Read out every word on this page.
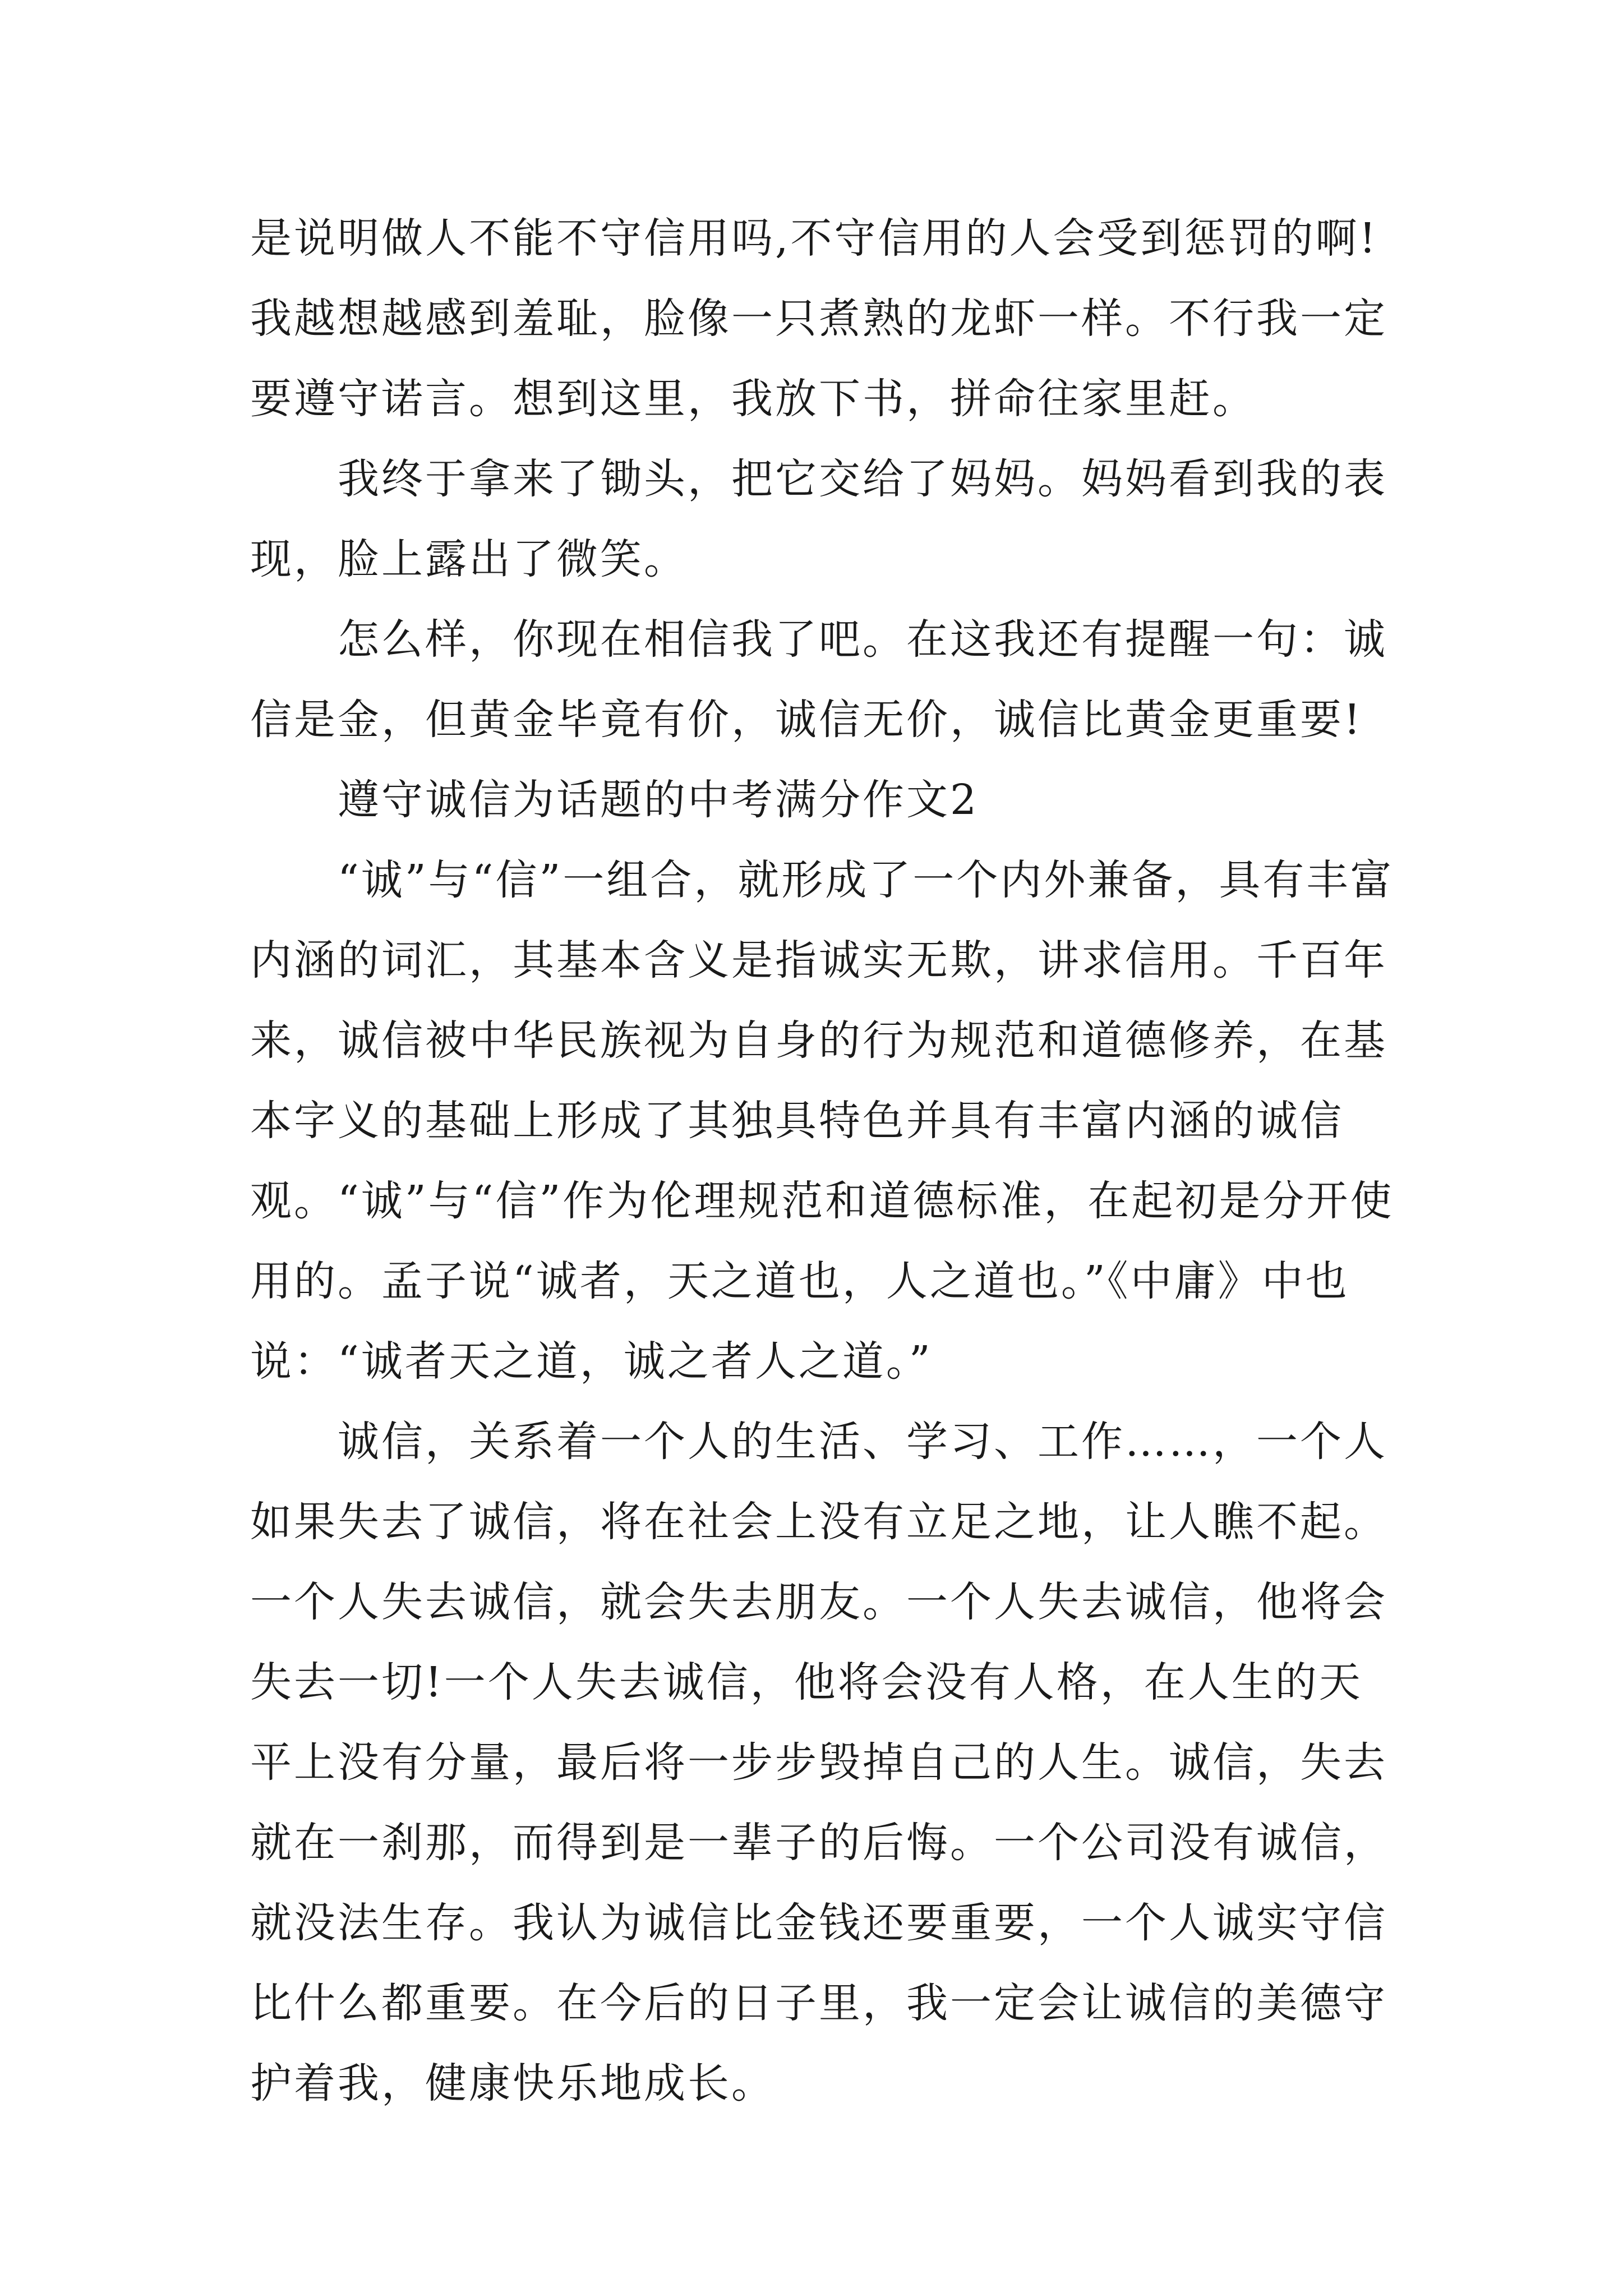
是说明做人不能不守信用吗,不守信用的人会受到惩罚的啊!我越想越感到羞耻，脸像一只煮熟的龙虾一样。不行我一定要遵守诺言。想到这里，我放下书，拼命往家里赶。

我终于拿来了锄头，把它交给了妈妈。妈妈看到我的表现，脸上露出了微笑。

怎么样，你现在相信我了吧。在这我还有提醒一句：诚信是金，但黄金毕竟有价，诚信无价，诚信比黄金更重要!

遵守诚信为话题的中考满分作文2

“诚”与“信”一组合，就形成了一个内外兼备，具有丰富内涵的词汇，其基本含义是指诚实无欺，讲求信用。千百年来，诚信被中华民族视为自身的行为规范和道德修养，在基本字义的基础上形成了其独具特色并具有丰富内涵的诚信观。“诚”与“信”作为伦理规范和道德标准，在起初是分开使用的。孟子说“诚者，天之道也，人之道也。”《中庸》中也说：“诚者天之道，诚之者人之道。”

诚信，关系着一个人的生活、学习、工作……，一个人如果失去了诚信，将在社会上没有立足之地，让人瞧不起。一个人失去诚信，就会失去朋友。一个人失去诚信，他将会失去一切!一个人失去诚信，他将会没有人格，在人生的天平上没有分量，最后将一步步毁掉自己的人生。诚信，失去就在一刹那，而得到是一辈子的后悔。一个公司没有诚信，就没法生存。我认为诚信比金钱还要重要，一个人诚实守信比什么都重要。在今后的日子里，我一定会让诚信的美德守护着我，健康快乐地成长。
